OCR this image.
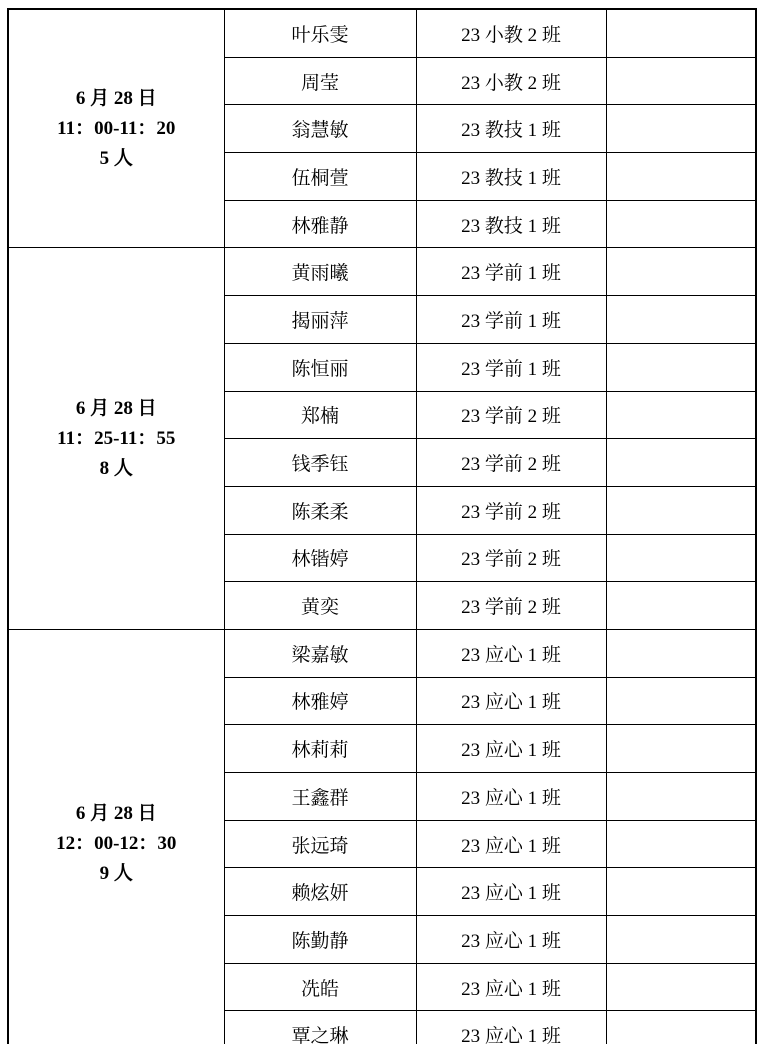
6 月 28 日
11：00-11：20
5 人	叶乐雯	23 小教 2 班	
	周莹	23 小教 2 班	
	翁慧敏	23 教技 1 班	
	伍桐萱	23 教技 1 班	
	林雅静	23 教技 1 班	

6 月 28 日
11：25-11：55
8 人	黄雨曦	23 学前 1 班	
	揭丽萍	23 学前 1 班	
	陈恒丽	23 学前 1 班	
	郑楠	23 学前 2 班	
	钱季钰	23 学前 2 班	
	陈柔柔	23 学前 2 班	
	林锴婷	23 学前 2 班	
	黄奕	23 学前 2 班	

6 月 28 日
12：00-12：30
9 人	梁嘉敏	23 应心 1 班	
	林雅婷	23 应心 1 班	
	林莉莉	23 应心 1 班	
	王鑫群	23 应心 1 班	
	张远琦	23 应心 1 班	
	赖炫妍	23 应心 1 班	
	陈勤静	23 应心 1 班	
	冼皓	23 应心 1 班	
	覃之琳	23 应心 1 班	
